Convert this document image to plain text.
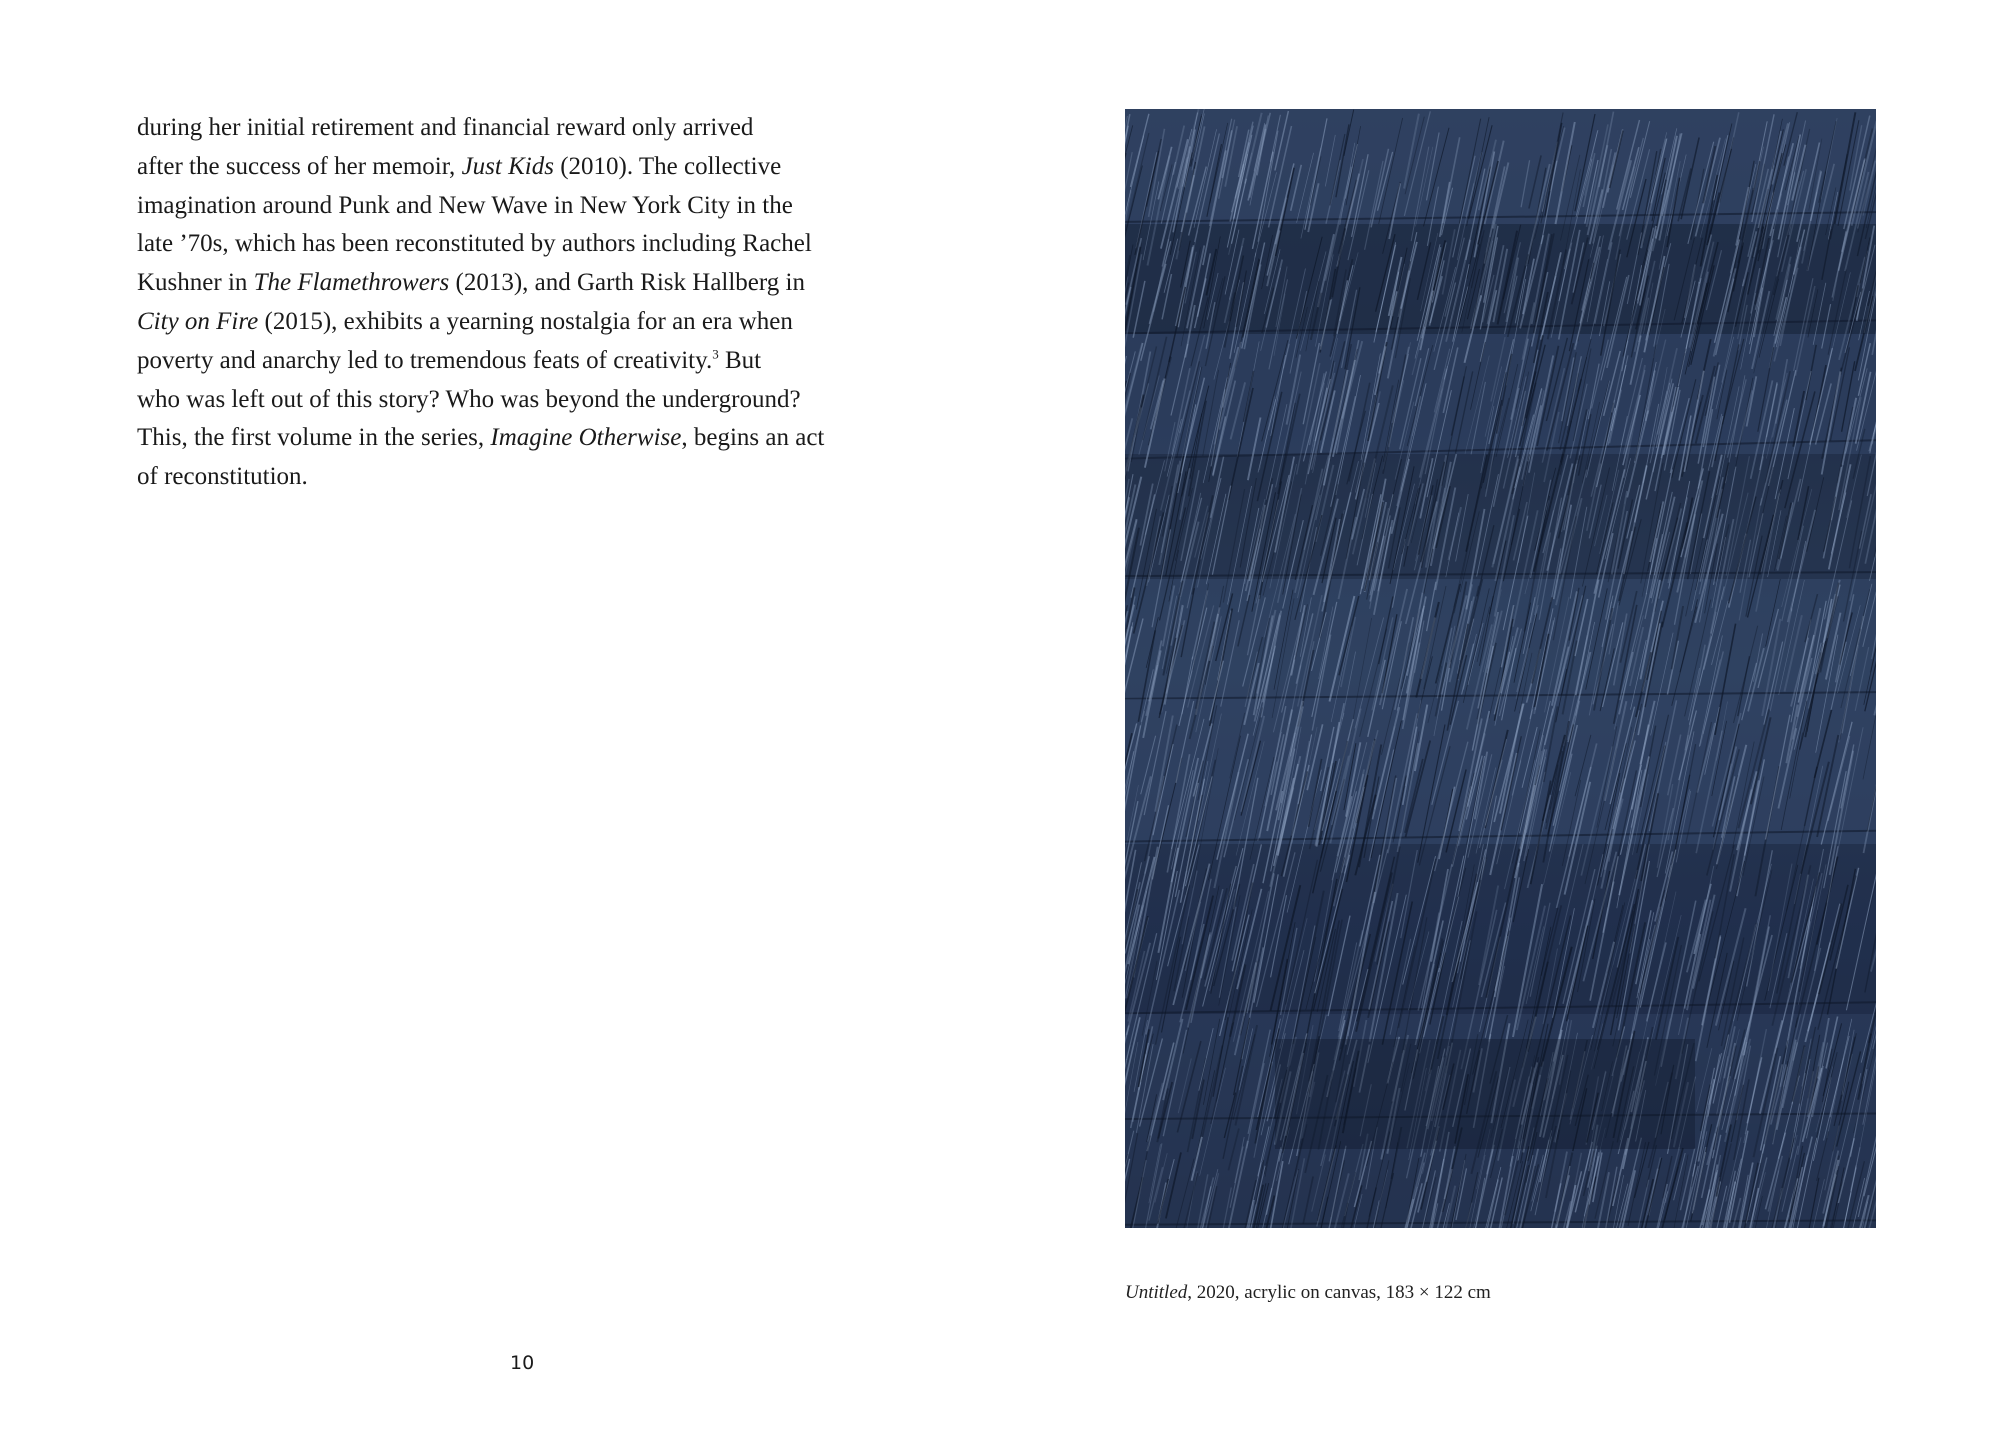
during her initial retirement and financial reward only arrived
after the success of her memoir, Just Kids (2010). The collective
imagination around Punk and New Wave in New York City in the
late ’70s, which has been reconstituted by authors including Rachel
Kushner in The Flamethrowers (2013), and Garth Risk Hallberg in
City on Fire (2015), exhibits a yearning nostalgia for an era when
poverty and anarchy led to tremendous feats of creativity.$^3$ But
who was left out of this story? Who was beyond the underground?
This, the first volume in the series, Imagine Otherwise, begins an act
of reconstitution.

10
Untitled, 2020, acrylic on canvas, 183 × 122 cm
